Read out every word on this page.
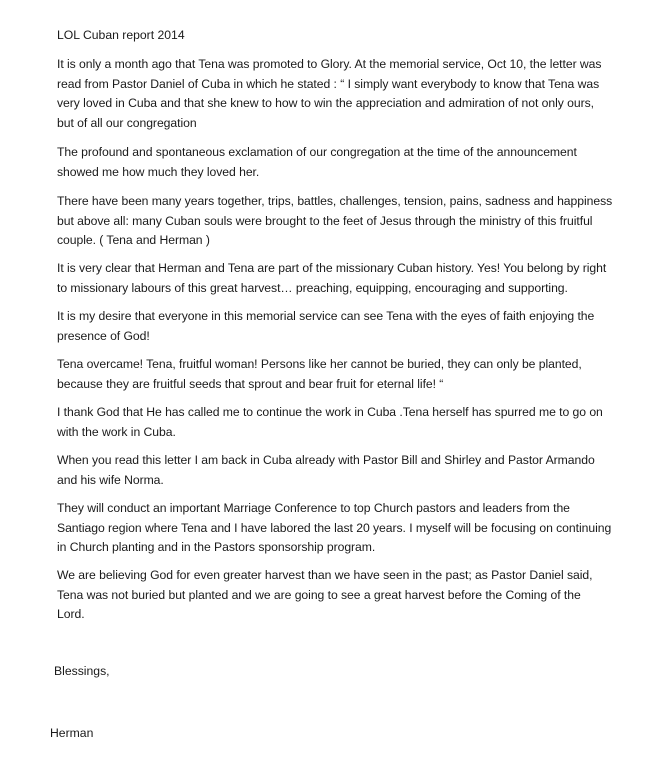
LOL Cuban report 2014
It is only a month ago that Tena was promoted to Glory. At the memorial service, Oct 10, the letter was
read from Pastor Daniel of Cuba in which he stated : “ I simply want everybody to know that Tena was
very loved in Cuba and that she knew to how to win the appreciation and admiration of not only ours,
but of all our congregation
The profound and spontaneous exclamation of our congregation at the time of the announcement
showed me how much they loved her.
There have been many years together, trips, battles, challenges, tension, pains, sadness and happiness
but above all: many Cuban souls were brought to the feet of Jesus through the ministry of this fruitful
couple. ( Tena and Herman )
It is very clear that Herman and Tena are part of the missionary Cuban history. Yes! You belong by right
to missionary labours of this great harvest… preaching, equipping, encouraging and supporting.
It is my desire that everyone in this memorial service can see Tena with the eyes of faith enjoying the
presence of God!
Tena overcame! Tena, fruitful woman! Persons like her cannot be buried, they can only be planted,
because they are fruitful seeds that sprout and bear fruit for eternal life! “
I thank God that He has called me to continue the work in Cuba .Tena herself has spurred me to go on
with the work in Cuba.
When you read this letter I am back in Cuba already with Pastor Bill and Shirley and Pastor Armando
and his wife Norma.
They will conduct an important Marriage Conference to top Church pastors and leaders from the
Santiago region where Tena and I have labored the last 20 years. I myself will be focusing on continuing
in Church planting and in the Pastors sponsorship program.
We are believing God for even greater harvest than we have seen in the past; as Pastor Daniel said,
Tena was not buried but planted and we are going to see a great harvest before the Coming of the
Lord.
Blessings,
Herman
